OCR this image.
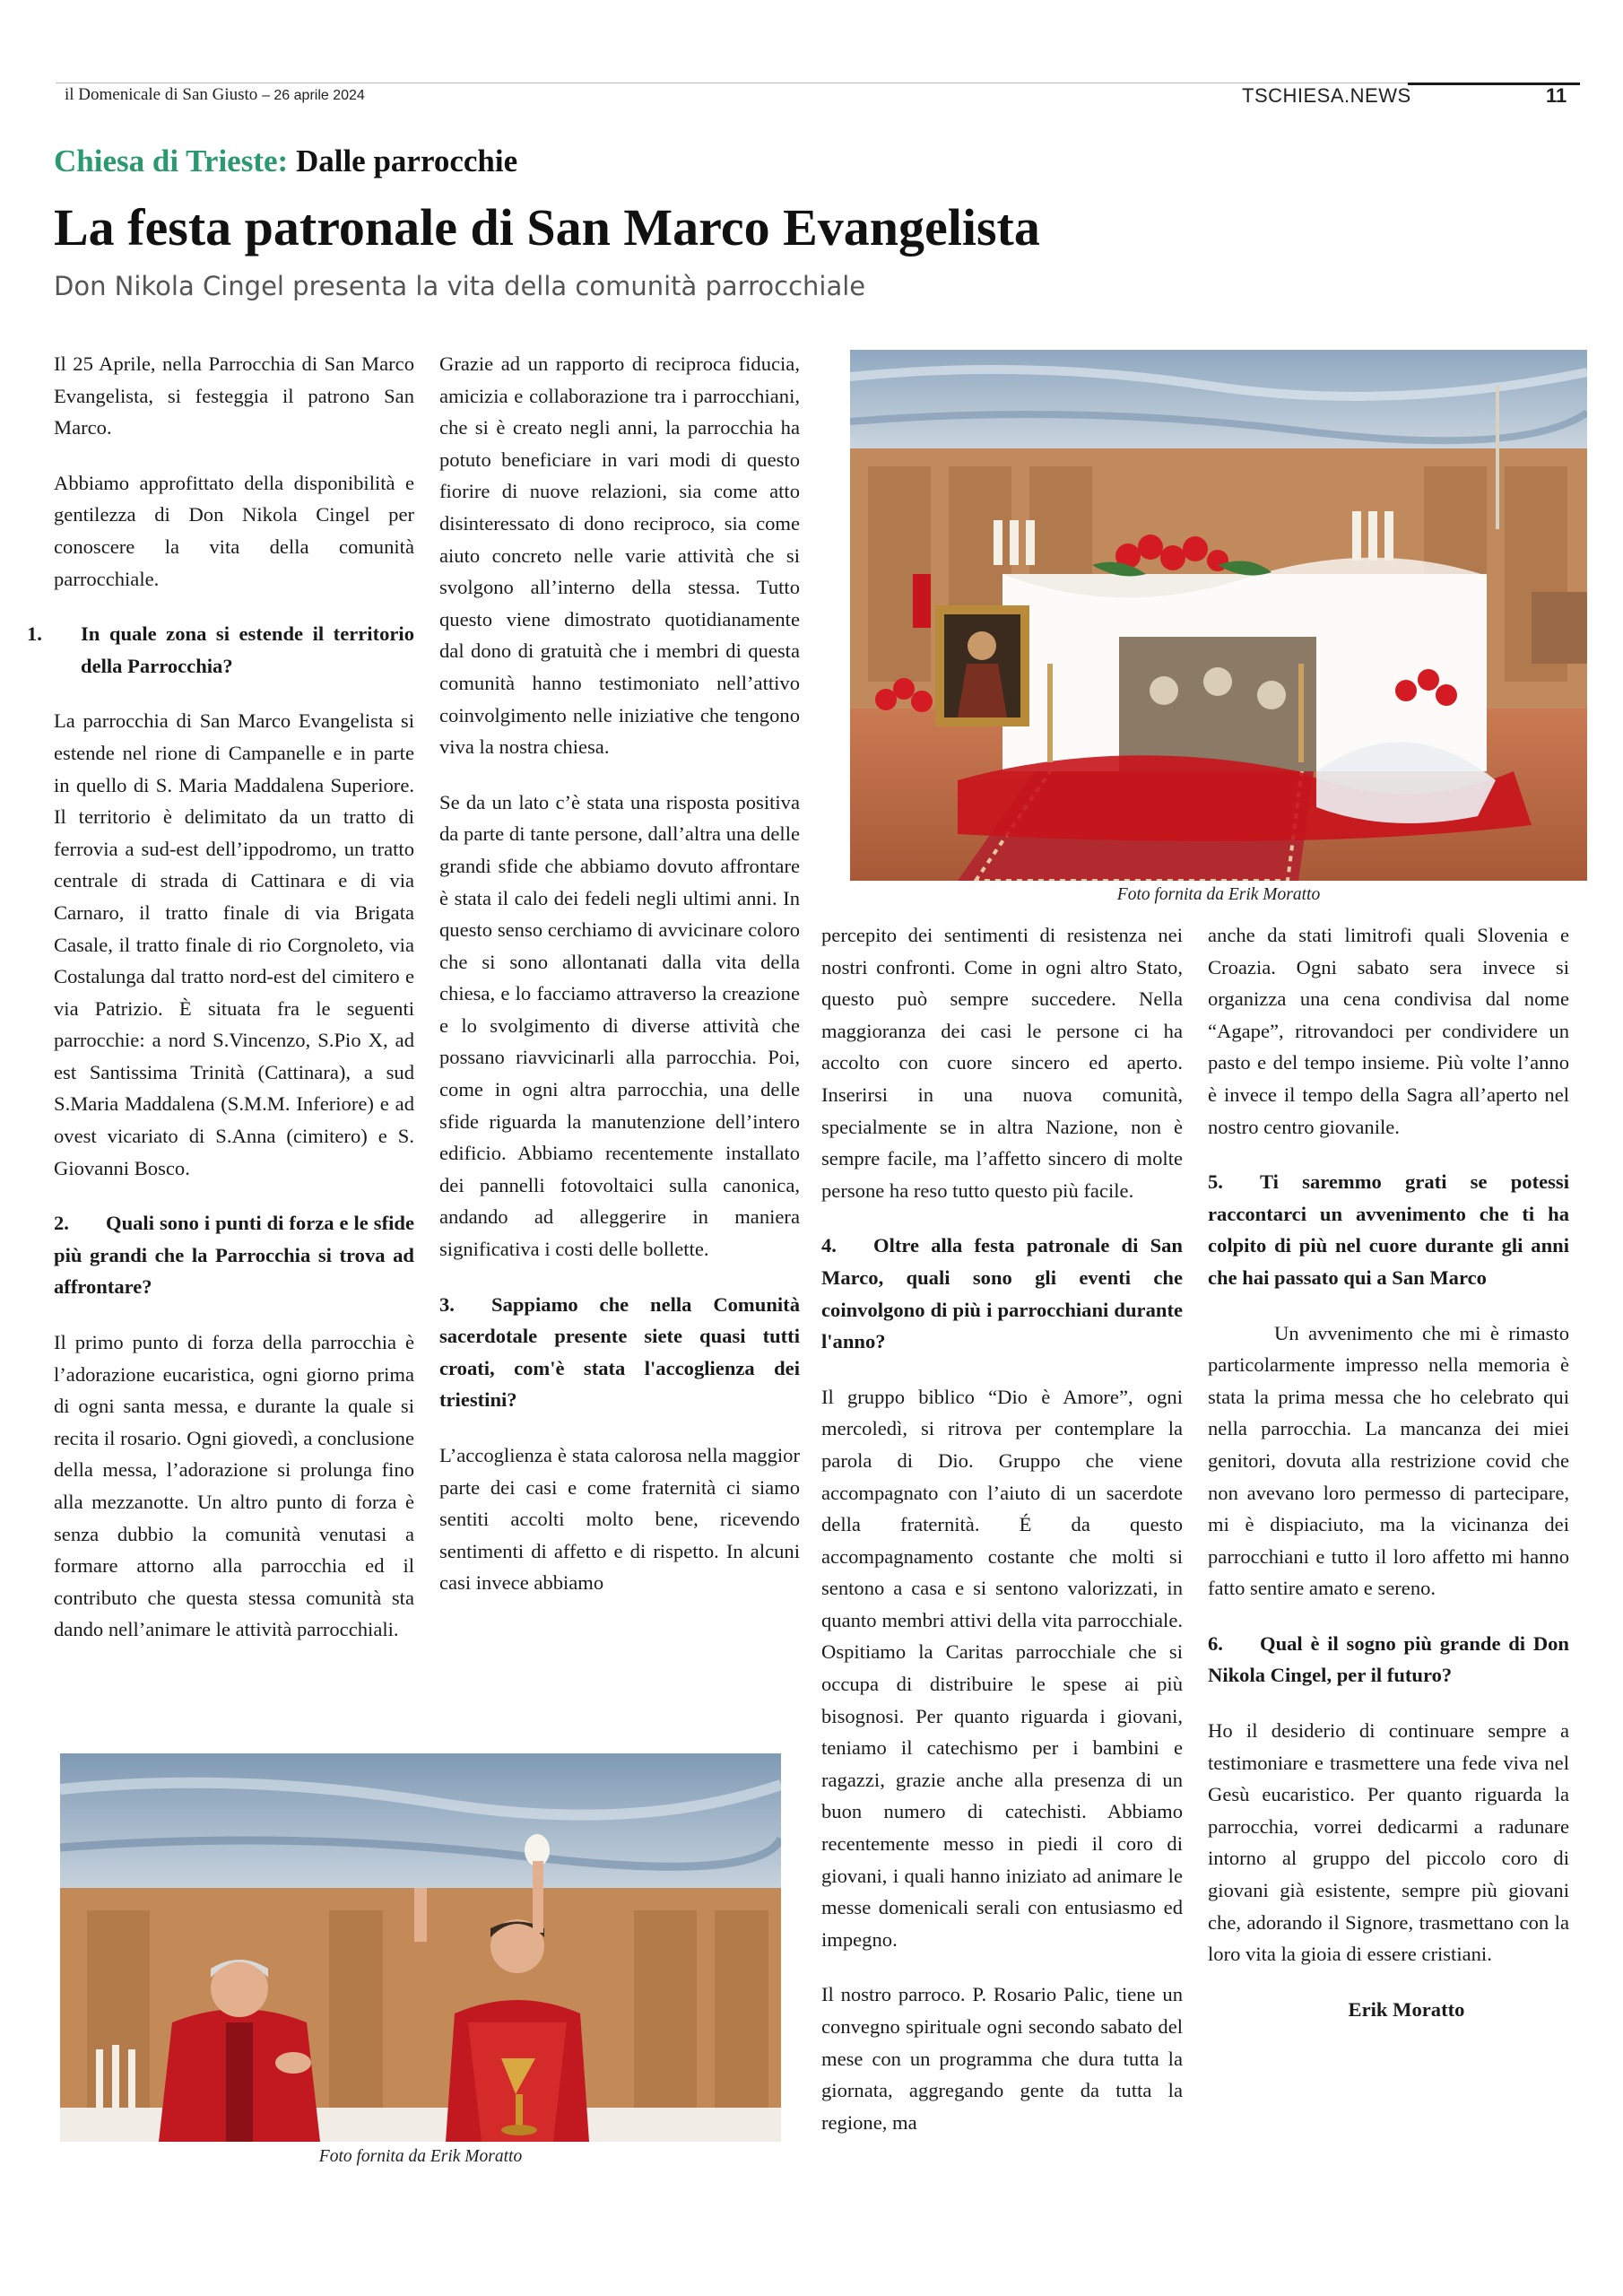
il Domenicale di San Giusto – 26 aprile 2024	TSCHIESA.NEWS	11
Chiesa di Trieste: Dalle parrocchie
La festa patronale di San Marco Evangelista
Don Nikola Cingel presenta la vita della comunità parrocchiale

Il 25 Aprile, nella Parrocchia di San Marco Evangelista, si festeggia il patrono San Marco.

Abbiamo approfittato della disponibilità e gentilezza di Don Nikola Cingel per conoscere la vita della comunità parrocchiale.

1. In quale zona si estende il territorio della Parrocchia?

La parrocchia di San Marco Evangelista si estende nel rione di Campanelle e in parte in quello di S. Maria Maddalena Superiore. Il territorio è delimitato da un tratto di ferrovia a sud-est dell’ippodromo, un tratto centrale di strada di Cattinara e di via Carnaro, il tratto finale di via Brigata Casale, il tratto finale di rio Corgnoleto, via Costalunga dal tratto nord-est del cimitero e via Patrizio. È situata fra le seguenti parrocchie: a nord S.Vincenzo, S.Pio X, ad est Santissima Trinità (Cattinara), a sud S.Maria Maddalena (S.M.M. Inferiore) e ad ovest vicariato di S.Anna (cimitero) e S. Giovanni Bosco.

2. Quali sono i punti di forza e le sfide più grandi che la Parrocchia si trova ad affrontare?

Il primo punto di forza della parrocchia è l’adorazione eucaristica, ogni giorno prima di ogni santa messa, e durante la quale si recita il rosario. Ogni giovedì, a conclusione della messa, l’adorazione si prolunga fino alla mezzanotte. Un altro punto di forza è senza dubbio la comunità venutasi a formare attorno alla parrocchia ed il contributo che questa stessa comunità sta dando nell’animare le attività parrocchiali.

Grazie ad un rapporto di reciproca fiducia, amicizia e collaborazione tra i parrocchiani, che si è creato negli anni, la parrocchia ha potuto beneficiare in vari modi di questo fiorire di nuove relazioni, sia come atto disinteressato di dono reciproco, sia come aiuto concreto nelle varie attività che si svolgono all’interno della stessa. Tutto questo viene dimostrato quotidianamente dal dono di gratuità che i membri di questa comunità hanno testimoniato nell’attivo coinvolgimento nelle iniziative che tengono viva la nostra chiesa.

Se da un lato c’è stata una risposta positiva da parte di tante persone, dall’altra una delle grandi sfide che abbiamo dovuto affrontare è stata il calo dei fedeli negli ultimi anni. In questo senso cerchiamo di avvicinare coloro che si sono allontanati dalla vita della chiesa, e lo facciamo attraverso la creazione e lo svolgimento di diverse attività che possano riavvicinarli alla parrocchia. Poi, come in ogni altra parrocchia, una delle sfide riguarda la manutenzione dell’intero edificio. Abbiamo recentemente installato dei pannelli fotovoltaici sulla canonica, andando ad alleggerire in maniera significativa i costi delle bollette.

3. Sappiamo che nella Comunità sacerdotale presente siete quasi tutti croati, com'è stata l'accoglienza dei triestini?

L’accoglienza è stata calorosa nella maggior parte dei casi e come fraternità ci siamo sentiti accolti molto bene, ricevendo sentimenti di affetto e di rispetto. In alcuni casi invece abbiamo

Foto fornita da Erik Moratto

percepito dei sentimenti di resistenza nei nostri confronti. Come in ogni altro Stato, questo può sempre succedere. Nella maggioranza dei casi le persone ci ha accolto con cuore sincero ed aperto. Inserirsi in una nuova comunità, specialmente se in altra Nazione, non è sempre facile, ma l’affetto sincero di molte persone ha reso tutto questo più facile.

4. Oltre alla festa patronale di San Marco, quali sono gli eventi che coinvolgono di più i parrocchiani durante l'anno?

Il gruppo biblico “Dio è Amore”, ogni mercoledì, si ritrova per contemplare la parola di Dio. Gruppo che viene accompagnato con l’aiuto di un sacerdote della fraternità. É da questo accompagnamento costante che molti si sentono a casa e si sentono valorizzati, in quanto membri attivi della vita parrocchiale. Ospitiamo la Caritas parrocchiale che si occupa di distribuire le spese ai più bisognosi. Per quanto riguarda i giovani, teniamo il catechismo per i bambini e ragazzi, grazie anche alla presenza di un buon numero di catechisti. Abbiamo recentemente messo in piedi il coro di giovani, i quali hanno iniziato ad animare le messe domenicali serali con entusiasmo ed impegno.

Il nostro parroco. P. Rosario Palic, tiene un convegno spirituale ogni secondo sabato del mese con un programma che dura tutta la giornata, aggregando gente da tutta la regione, ma

anche da stati limitrofi quali Slovenia e Croazia. Ogni sabato sera invece si organizza una cena condivisa dal nome “Agape”, ritrovandoci per condividere un pasto e del tempo insieme. Più volte l’anno è invece il tempo della Sagra all’aperto nel nostro centro giovanile.

5. Ti saremmo grati se potessi raccontarci un avvenimento che ti ha colpito di più nel cuore durante gli anni che hai passato qui a San Marco

Un avvenimento che mi è rimasto particolarmente impresso nella memoria è stata la prima messa che ho celebrato qui nella parrocchia. La mancanza dei miei genitori, dovuta alla restrizione covid che non avevano loro permesso di partecipare, mi è dispiaciuto, ma la vicinanza dei parrocchiani e tutto il loro affetto mi hanno fatto sentire amato e sereno.

6. Qual è il sogno più grande di Don Nikola Cingel, per il futuro?

Ho il desiderio di continuare sempre a testimoniare e trasmettere una fede viva nel Gesù eucaristico. Per quanto riguarda la parrocchia, vorrei dedicarmi a radunare intorno al gruppo del piccolo coro di giovani già esistente, sempre più giovani che, adorando il Signore, trasmettano con la loro vita la gioia di essere cristiani.

Erik Moratto

Foto fornita da Erik Moratto
